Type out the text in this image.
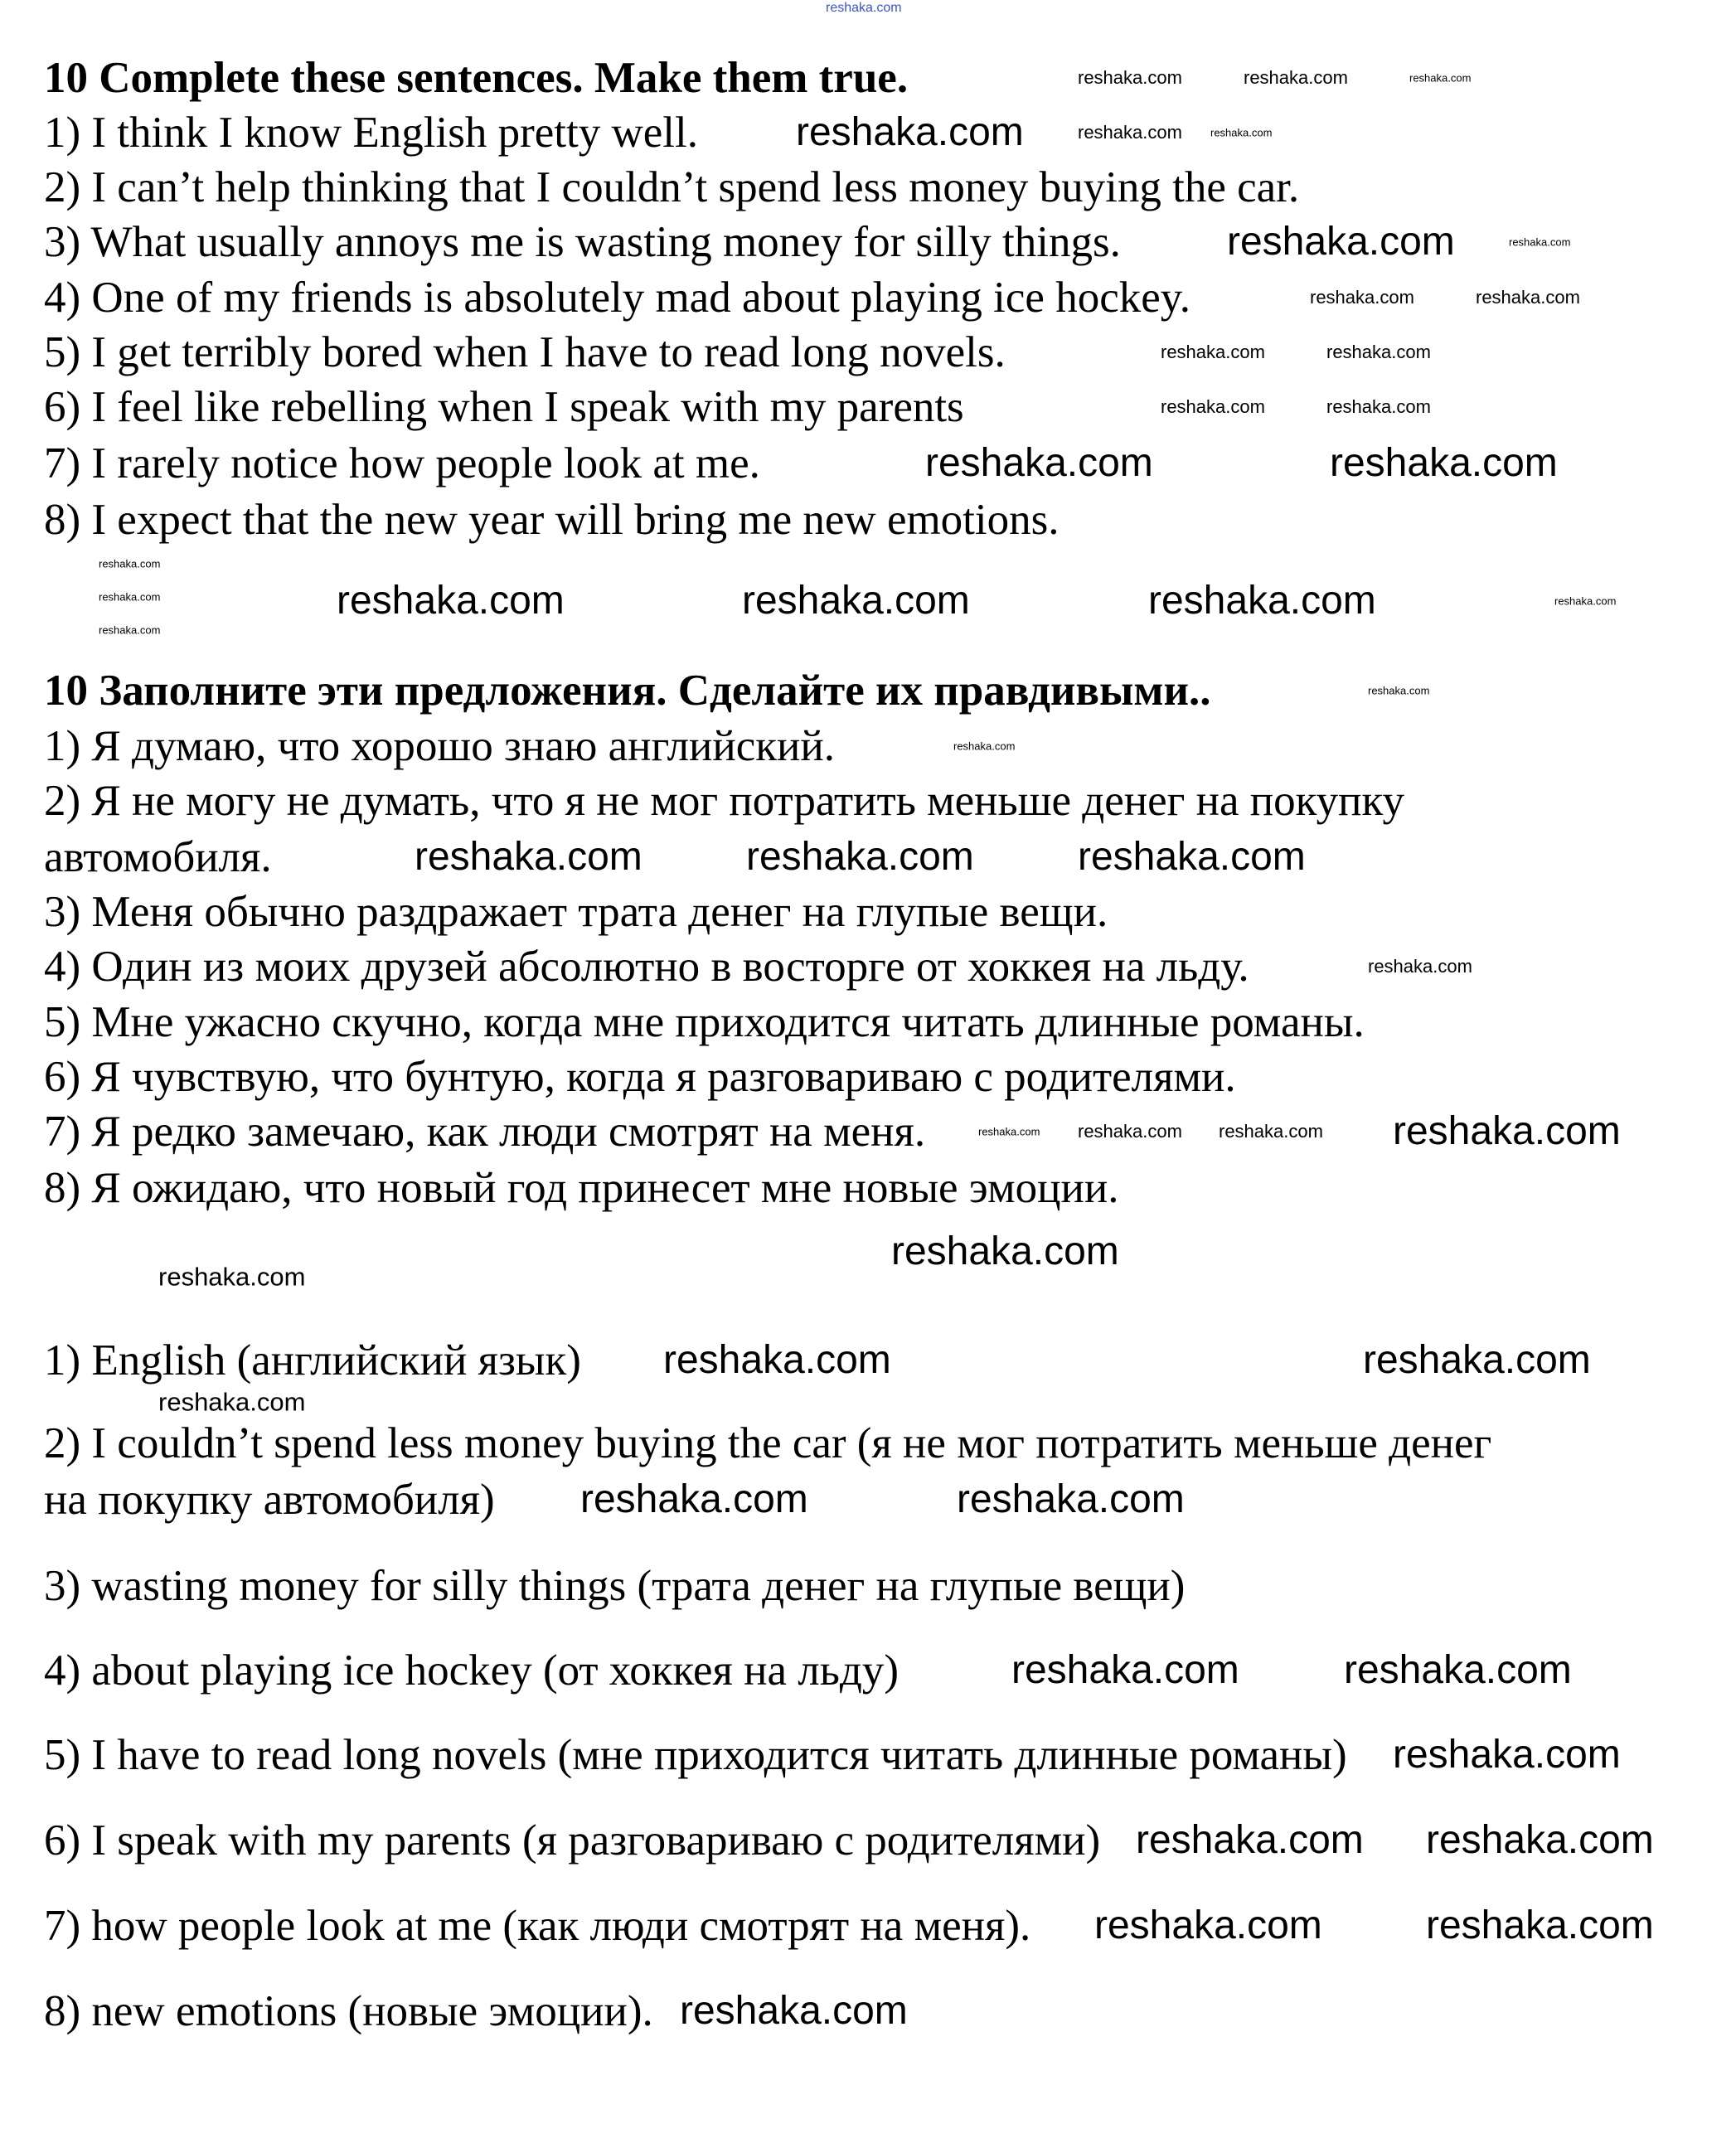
10 Complete these sentences. Make them true.
1) I think I know English pretty well.
2) I can’t help thinking that I couldn’t spend less money buying the car.
3) What usually annoys me is wasting money for silly things.
4) One of my friends is absolutely mad about playing ice hockey.
5) I get terribly bored when I have to read long novels.
6) I feel like rebelling when I speak with my parents
7) I rarely notice how people look at me.
8) I expect that the new year will bring me new emotions.
10 Заполните эти предложения. Сделайте их правдивыми..
1) Я думаю, что хорошо знаю английский.
2) Я не могу не думать, что я не мог потратить меньше денег на покупку
автомобиля.
3) Меня обычно раздражает трата денег на глупые вещи.
4) Один из моих друзей абсолютно в восторге от хоккея на льду.
5) Мне ужасно скучно, когда мне приходится читать длинные романы.
6) Я чувствую, что бунтую, когда я разговариваю с родителями.
7) Я редко замечаю, как люди смотрят на меня.
8) Я ожидаю, что новый год принесет мне новые эмоции.
1) English (английский язык)
2) I couldn’t spend less money buying the car (я не мог потратить меньше денег
на покупку автомобиля)
3) wasting money for silly things (трата денег на глупые вещи)
4) about playing ice hockey (от хоккея на льду)
5) I have to read long novels (мне приходится читать длинные романы)
6) I speak with my parents (я разговариваю с родителями)
7) how people look at me (как люди смотрят на меня).
8) new emotions (новые эмоции).
reshaka.com
reshaka.com	reshaka.com	reshaka.com
reshaka.com	reshaka.com	reshaka.com
reshaka.com	reshaka.com
reshaka.com	reshaka.com
reshaka.com	reshaka.com
reshaka.com	reshaka.com
reshaka.com	reshaka.com
reshaka.com
reshaka.com
reshaka.com
reshaka.com	reshaka.com	reshaka.com	reshaka.com
reshaka.com
reshaka.com
reshaka.com	reshaka.com	reshaka.com
reshaka.com
reshaka.com reshaka.com reshaka.com reshaka.com
reshaka.com
reshaka.com
reshaka.com	reshaka.com
reshaka.com
reshaka.com	reshaka.com
reshaka.com	reshaka.com
reshaka.com
reshaka.com reshaka.com
reshaka.com	reshaka.com
reshaka.com
